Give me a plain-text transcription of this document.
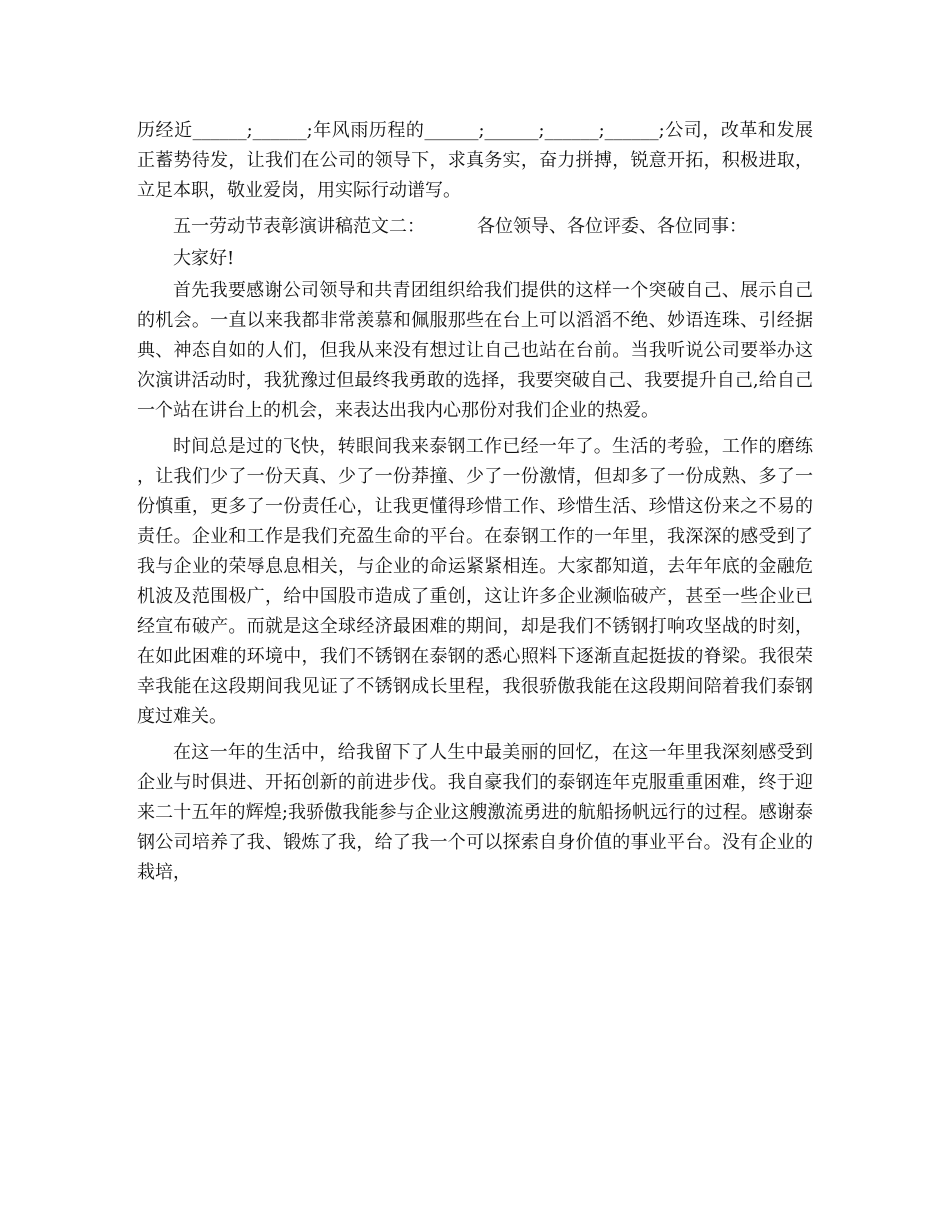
历经近______;______;年风雨历程的______;______;______;______;公司，改革和发展正蓄势待发，让我们在公司的领导下，求真务实，奋力拼搏，锐意开拓，积极进取，立足本职，敬业爱岗，用实际行动谱写。

五一劳动节表彰演讲稿范文二：	各位领导、各位评委、各位同事：

大家好!

首先我要感谢公司领导和共青团组织给我们提供的这样一个突破自己、展示自己的机会。一直以来我都非常羡慕和佩服那些在台上可以滔滔不绝、妙语连珠、引经据典、神态自如的人们，但我从来没有想过让自己也站在台前。当我听说公司要举办这次演讲活动时，我犹豫过但最终我勇敢的选择，我要突破自己、我要提升自己,给自己一个站在讲台上的机会，来表达出我内心那份对我们企业的热爱。

时间总是过的飞快，转眼间我来泰钢工作已经一年了。生活的考验，工作的磨练，让我们少了一份天真、少了一份莽撞、少了一份激情，但却多了一份成熟、多了一份慎重，更多了一份责任心，让我更懂得珍惜工作、珍惜生活、珍惜这份来之不易的责任。企业和工作是我们充盈生命的平台。在泰钢工作的一年里，我深深的感受到了我与企业的荣辱息息相关，与企业的命运紧紧相连。大家都知道，去年年底的金融危机波及范围极广，给中国股市造成了重创，这让许多企业濒临破产，甚至一些企业已经宣布破产。而就是这全球经济最困难的期间，却是我们不锈钢打响攻坚战的时刻，在如此困难的环境中，我们不锈钢在泰钢的悉心照料下逐渐直起挺拔的脊梁。我很荣幸我能在这段期间我见证了不锈钢成长里程，我很骄傲我能在这段期间陪着我们泰钢度过难关。

在这一年的生活中，给我留下了人生中最美丽的回忆，在这一年里我深刻感受到企业与时俱进、开拓创新的前进步伐。我自豪我们的泰钢连年克服重重困难，终于迎来二十五年的辉煌;我骄傲我能参与企业这艘激流勇进的航船扬帆远行的过程。感谢泰钢公司培养了我、锻炼了我，给了我一个可以探索自身价值的事业平台。没有企业的栽培，
